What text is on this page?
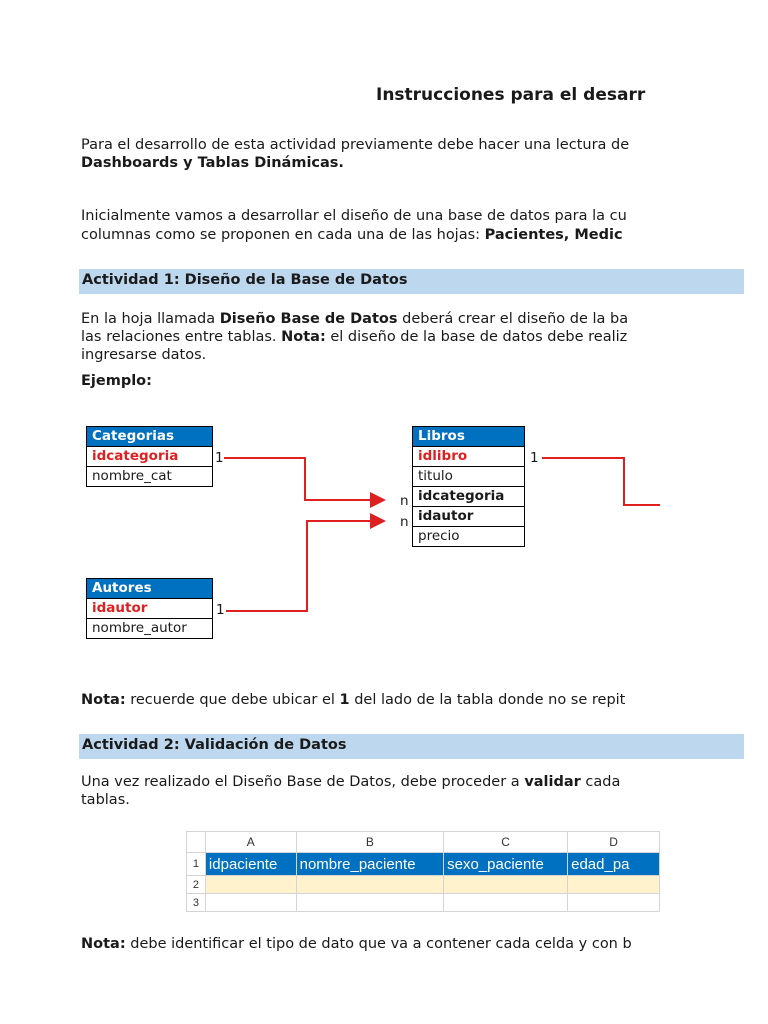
Actividad 1: Diseño de la Base de Datos
Actividad 2: Validación de Datos
Instrucciones para el desarr
Para el desarrollo de esta actividad previamente debe hacer una lectura de
Dashboards y Tablas Dinámicas.
Inicialmente vamos a desarrollar el diseño de una base de datos para la cu
columnas como se proponen en cada una de las hojas: Pacientes, Medic
En la hoja llamada Diseño Base de Datos deberá crear el diseño de la ba
las relaciones entre tablas. Nota: el diseño de la base de datos debe realiz
ingresarse datos.
Ejemplo:
Categorias
idcategoria
nombre_cat
1
Libros
idlibro
titulo
idcategoria
idautor
precio
n
n
1
Autores
idautor
nombre_autor
1
Nota: recuerde que debe ubicar el 1 del lado de la tabla donde no se repit
Una vez realizado el Diseño Base de Datos, debe proceder a validar cada
tablas.
	A	B	C	D
1	idpaciente	nombre_paciente	sexo_paciente	edad_pa
2				
3				
Nota: debe identificar el tipo de dato que va a contener cada celda y con b
